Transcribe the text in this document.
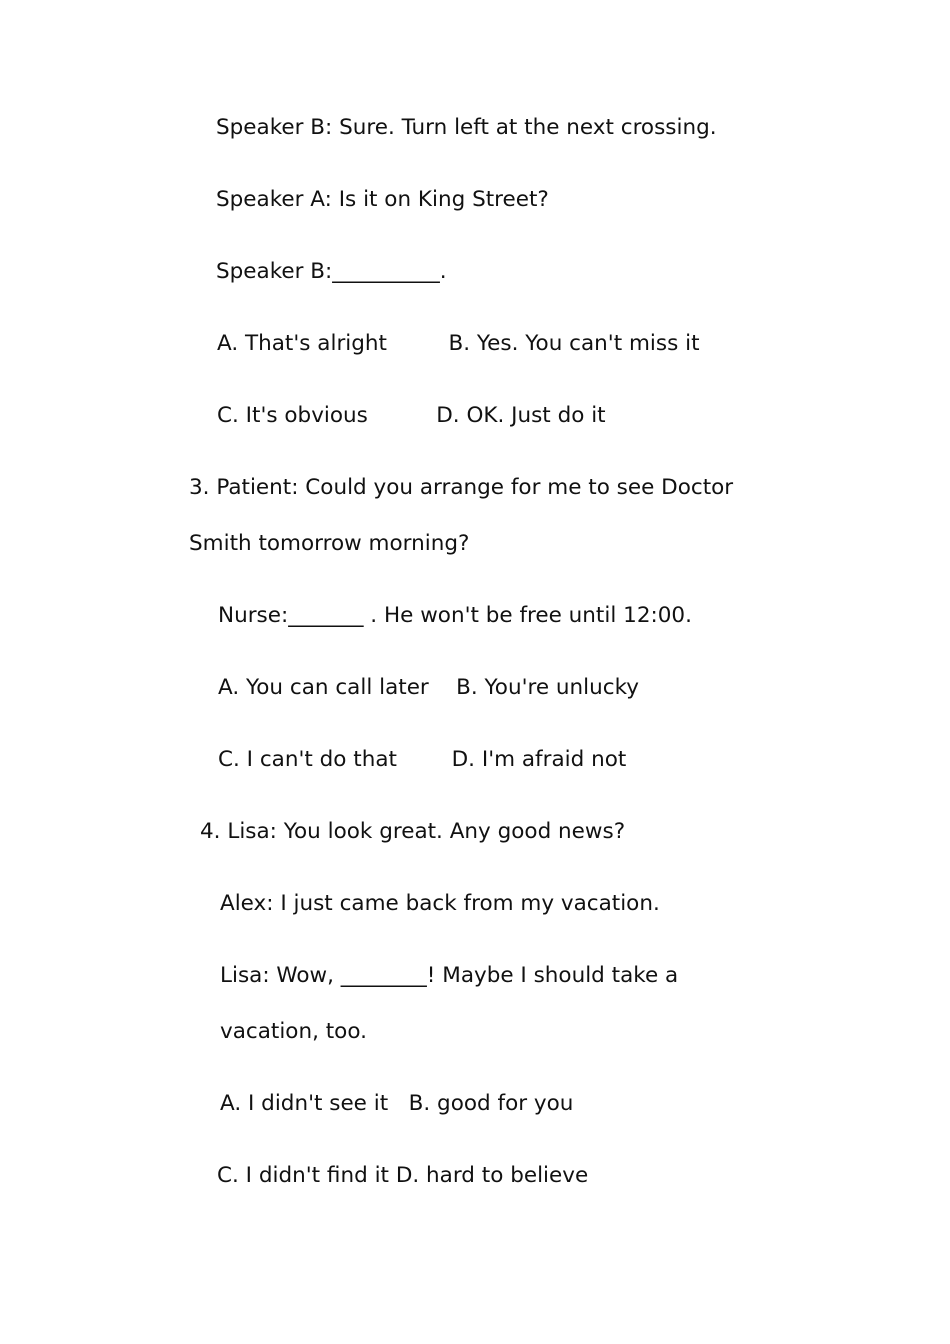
Speaker B: Sure. Turn left at the next crossing.
Speaker A: Is it on King Street?
Speaker B:__________.
A. That's alright         B. Yes. You can't miss it
C. It's obvious          D. OK. Just do it
3. Patient: Could you arrange for me to see Doctor
Smith tomorrow morning?
Nurse:_______ . He won't be free until 12:00.
A. You can call later    B. You're unlucky
C. I can't do that        D. I'm afraid not
4. Lisa: You look great. Any good news?
Alex: I just came back from my vacation.
Lisa: Wow, ________! Maybe I should take a
vacation, too.
A. I didn't see it   B. good for you
C. I didn't find it D. hard to believe
